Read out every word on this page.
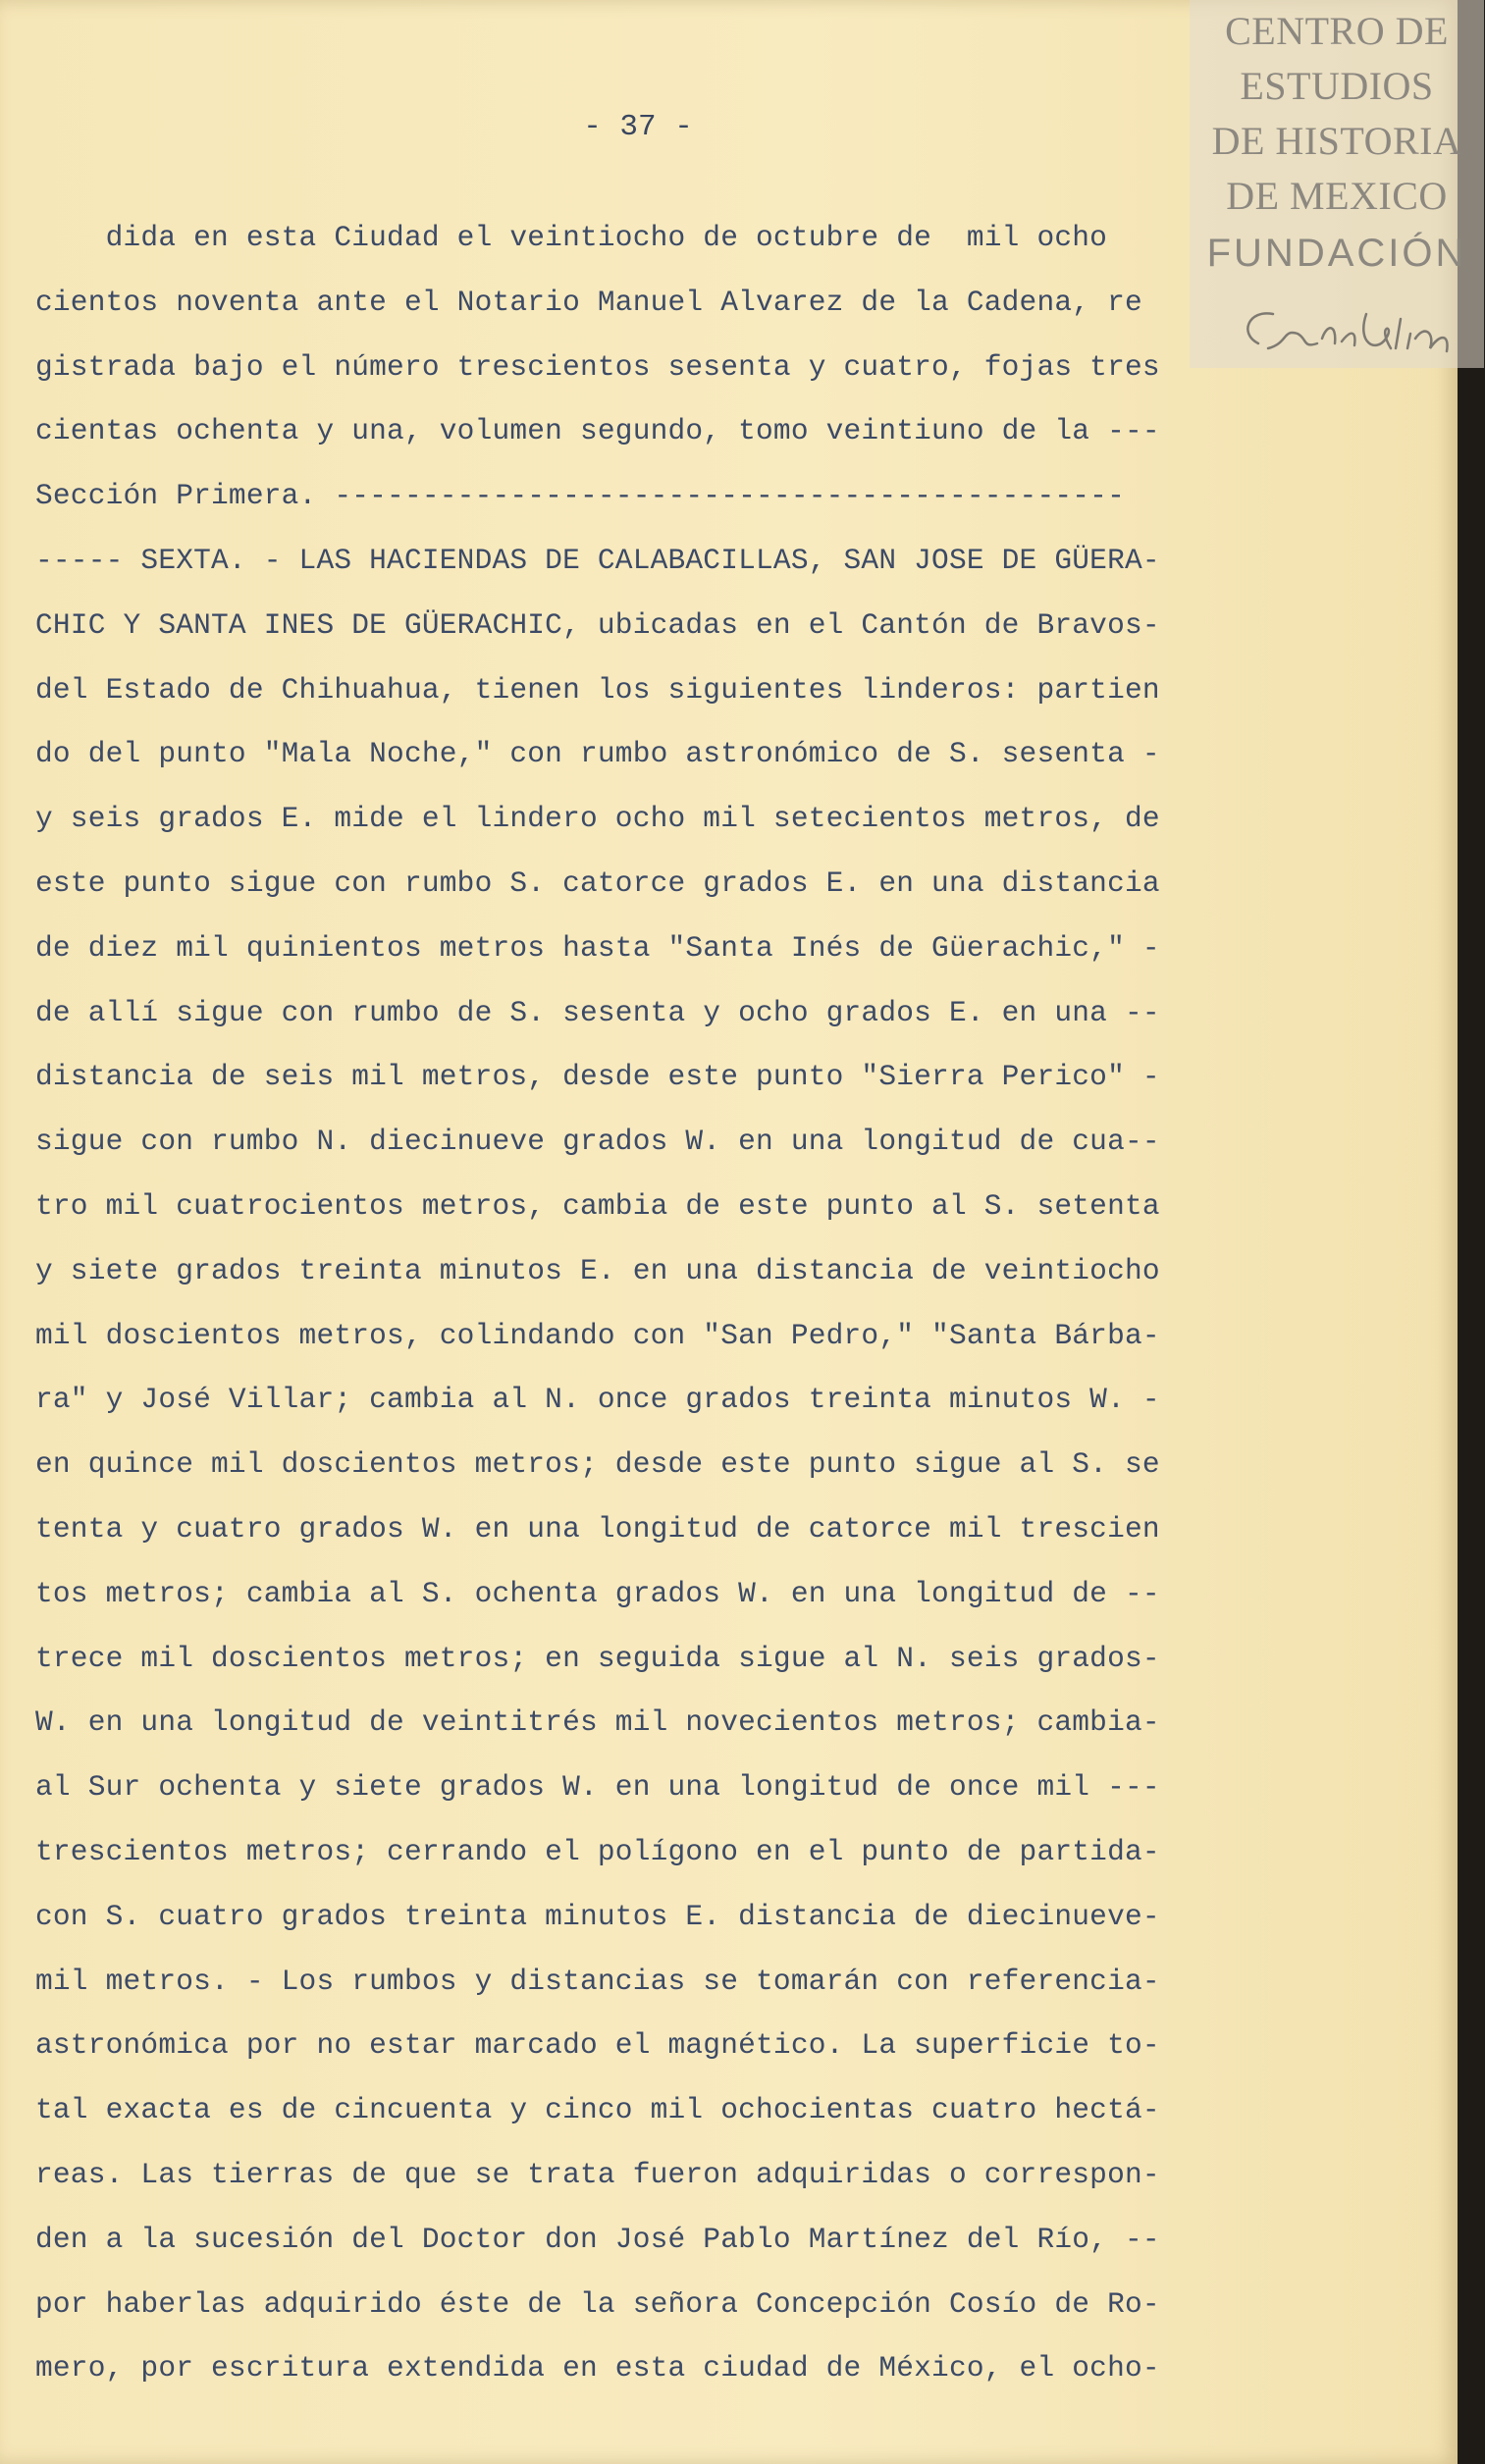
- 37 -
dida en esta Ciudad el veintiocho de octubre de  mil ocho
cientos noventa ante el Notario Manuel Alvarez de la Cadena, re
gistrada bajo el número trescientos sesenta y cuatro, fojas tres
cientas ochenta y una, volumen segundo, tomo veintiuno de la ---
Sección Primera. ---------------------------------------------
----- SEXTA. - LAS HACIENDAS DE CALABACILLAS, SAN JOSE DE GÜERA-
CHIC Y SANTA INES DE GÜERACHIC, ubicadas en el Cantón de Bravos-
del Estado de Chihuahua, tienen los siguientes linderos: partien
do del punto "Mala Noche," con rumbo astronómico de S. sesenta -
y seis grados E. mide el lindero ocho mil setecientos metros, de
este punto sigue con rumbo S. catorce grados E. en una distancia
de diez mil quinientos metros hasta "Santa Inés de Güerachic," -
de allí sigue con rumbo de S. sesenta y ocho grados E. en una --
distancia de seis mil metros, desde este punto "Sierra Perico" -
sigue con rumbo N. diecinueve grados W. en una longitud de cua--
tro mil cuatrocientos metros, cambia de este punto al S. setenta
y siete grados treinta minutos E. en una distancia de veintiocho
mil doscientos metros, colindando con "San Pedro," "Santa Bárba-
ra" y José Villar; cambia al N. once grados treinta minutos W. -
en quince mil doscientos metros; desde este punto sigue al S. se
tenta y cuatro grados W. en una longitud de catorce mil trescien
tos metros; cambia al S. ochenta grados W. en una longitud de --
trece mil doscientos metros; en seguida sigue al N. seis grados-
W. en una longitud de veintitrés mil novecientos metros; cambia-
al Sur ochenta y siete grados W. en una longitud de once mil ---
trescientos metros; cerrando el polígono en el punto de partida-
con S. cuatro grados treinta minutos E. distancia de diecinueve-
mil metros. - Los rumbos y distancias se tomarán con referencia-
astronómica por no estar marcado el magnético. La superficie to-
tal exacta es de cincuenta y cinco mil ochocientas cuatro hectá-
reas. Las tierras de que se trata fueron adquiridas o correspon-
den a la sucesión del Doctor don José Pablo Martínez del Río, --
por haberlas adquirido éste de la señora Concepción Cosío de Ro-
mero, por escritura extendida en esta ciudad de México, el ocho-
CENTRO DE
ESTUDIOS
DE HISTORIA
DE MEXICO
FUNDACIÓN
